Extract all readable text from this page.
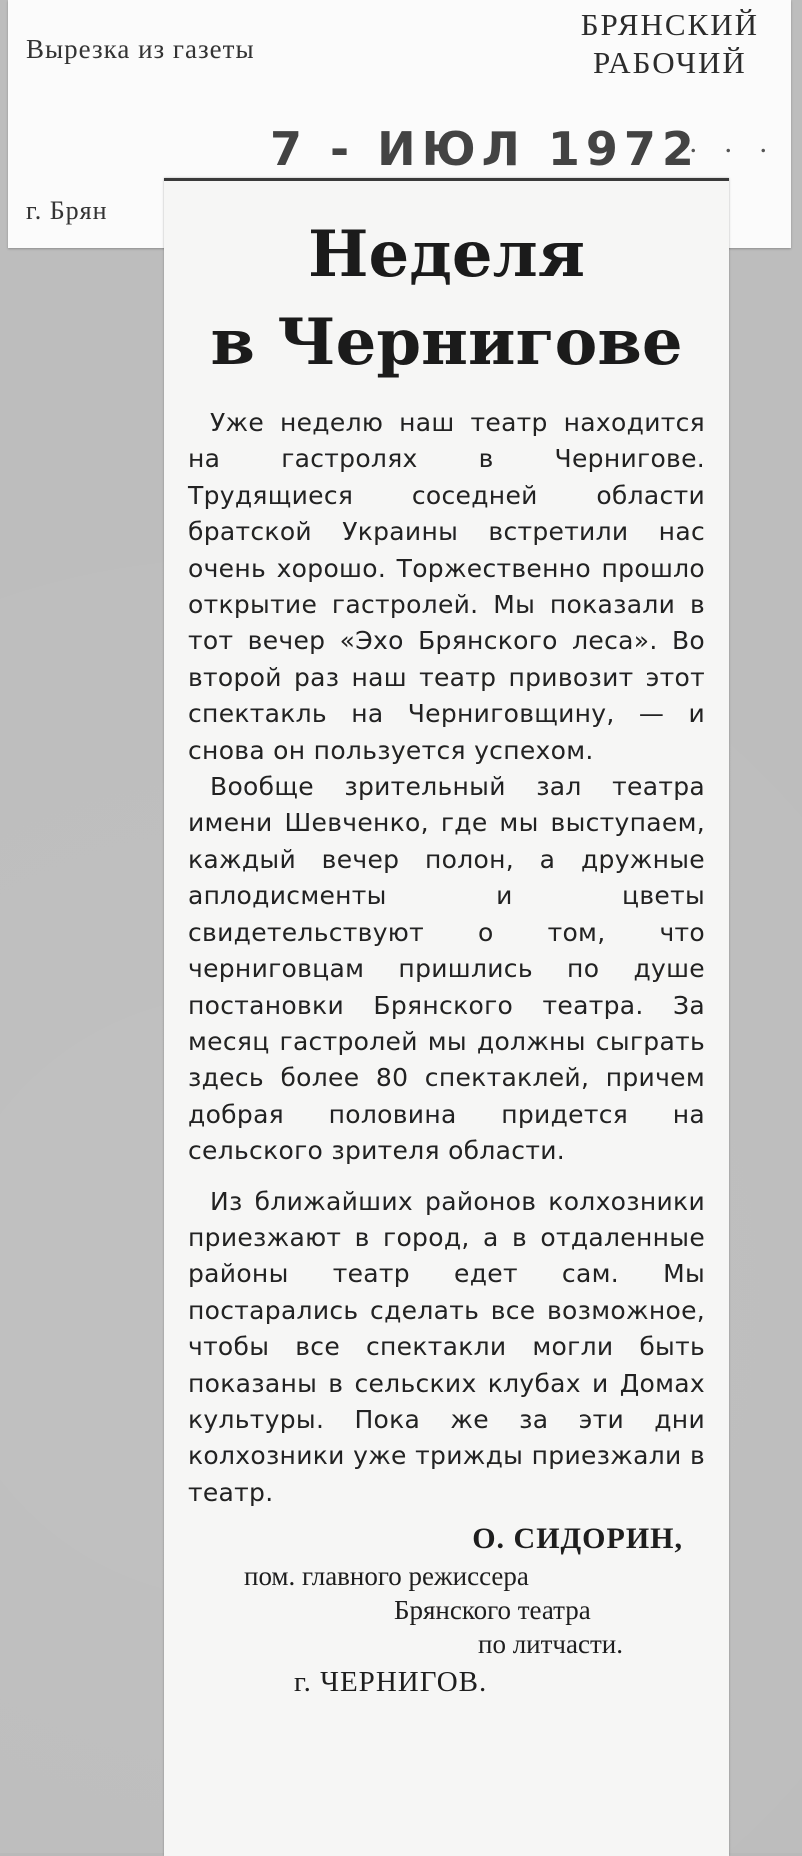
Вырезка из газеты
БРЯНСКИЙ
РАБОЧИЙ
7 - ИЮЛ 1972
. . .
г. Брян
Неделя
в Чернигове

Уже неделю наш театр находится на гастролях в Чернигове. Трудящиеся соседней области братской Украины встретили нас очень хорошо. Торжественно прошло открытие гастролей. Мы показали в тот вечер «Эхо Брянского леса». Во второй раз наш театр привозит этот спектакль на Черниговщину, — и снова он пользуется успехом.

Вообще зрительный зал театра имени Шевченко, где мы выступаем, каждый вечер полон, а дружные аплодисменты и цветы свидетельствуют о том, что черниговцам пришлись по душе постановки Брянского театра. За месяц гастролей мы должны сыграть здесь более 80 спектаклей, причем добрая половина придется на сельского зрителя области.

Из ближайших районов колхозники приезжают в город, а в отдаленные районы театр едет сам. Мы постарались сделать все возможное, чтобы все спектакли могли быть показаны в сельских клубах и Домах культуры. Пока же за эти дни колхозники уже трижды приезжали в театр.

О. СИДОРИН,
пом. главного режиссера
Брянского театра
по литчасти.
г. ЧЕРНИГОВ.
